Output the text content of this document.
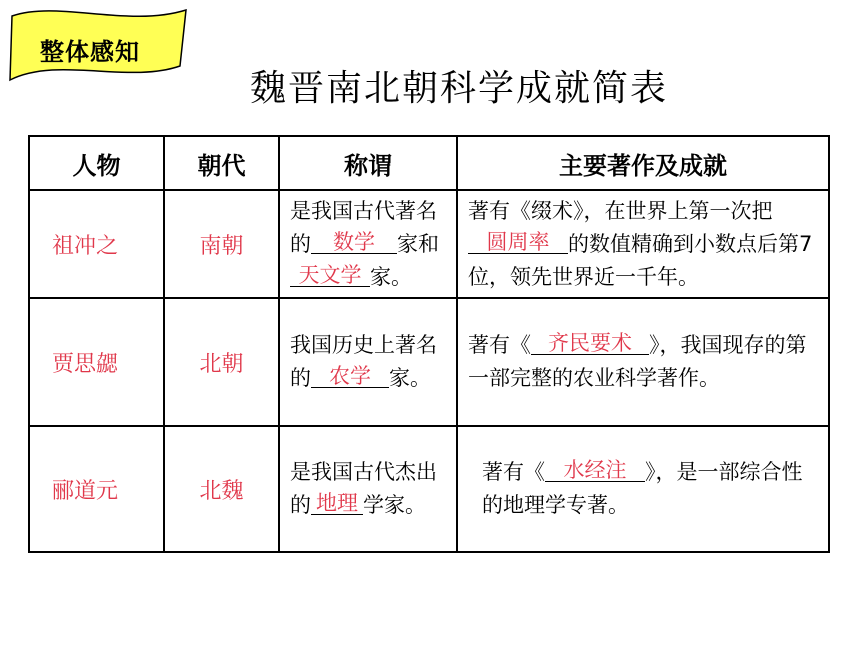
整体感知
魏晋南北朝科学成就简表
人物	朝代	称谓	主要著作及成就
祖冲之	南朝	是我国古代著名的 数学 家和天文学 家。	著有《缀术》，在世界上第一次把圆周率 的数值精确到小数点后第7位，领先世界近一千年。
贾思勰	北朝	我国历史上著名的 农学 家。	著有《 齐民要术 》，我国现存的第一部完整的农业科学著作。
郦道元	北魏	是我国古代杰出的 地理 学家。	著有《 水经注 》，是一部综合性的地理学专著。
